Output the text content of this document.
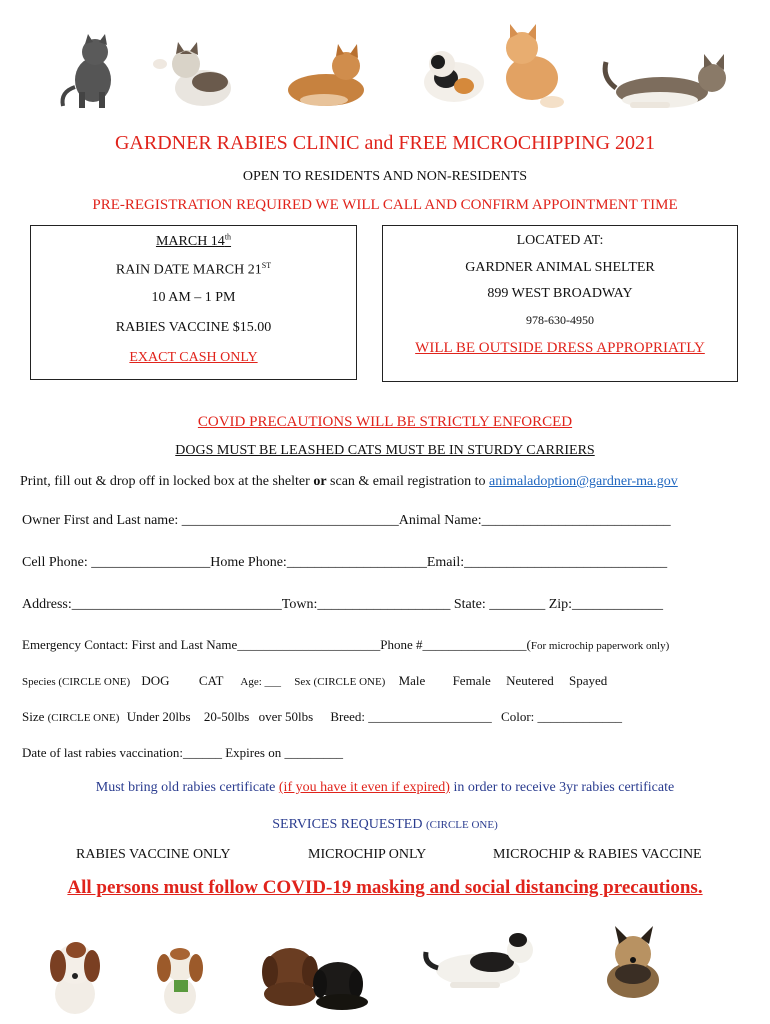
GARDNER RABIES CLINIC and FREE MICROCHIPPING 2021
OPEN TO RESIDENTS AND NON-RESIDENTS
PRE-REGISTRATION REQUIRED WE WILL CALL AND CONFIRM APPOINTMENT TIME
MARCH 14th
RAIN DATE MARCH 21ST
10 AM – 1 PM
RABIES VACCINE $15.00
EXACT CASH ONLY
LOCATED AT:
GARDNER ANIMAL SHELTER
899 WEST BROADWAY
978-630-4950
WILL BE OUTSIDE DRESS APPROPRIATLY
COVID PRECAUTIONS WILL BE STRICTLY ENFORCED
DOGS MUST BE LEASHED CATS MUST BE IN STURDY CARRIERS
Print, fill out & drop off in locked box at the shelter or scan & email registration to animaladoption@gardner-ma.gov
Owner First and Last name: _______________________________Animal Name:___________________________
Cell Phone: _________________Home Phone:____________________Email:_____________________________
Address:______________________________Town:___________________ State: ________ Zip:_____________
Emergency Contact: First and Last Name______________________Phone #________________(For microchip paperwork only)
Species (CIRCLE ONE) DOG CAT Age: ___ Sex (CIRCLE ONE) Male Female Neutered Spayed
Size (CIRCLE ONE) Under 20lbs 20-50lbs over 50lbs Breed: ___________________ Color: _____________
Date of last rabies vaccination:______ Expires on _________
Must bring old rabies certificate (if you have it even if expired) in order to receive 3yr rabies certificate
SERVICES REQUESTED (CIRCLE ONE)
RABIES VACCINE ONLY	MICROCHIP ONLY	MICROCHIP & RABIES VACCINE
All persons must follow COVID-19 masking and social distancing precautions.
